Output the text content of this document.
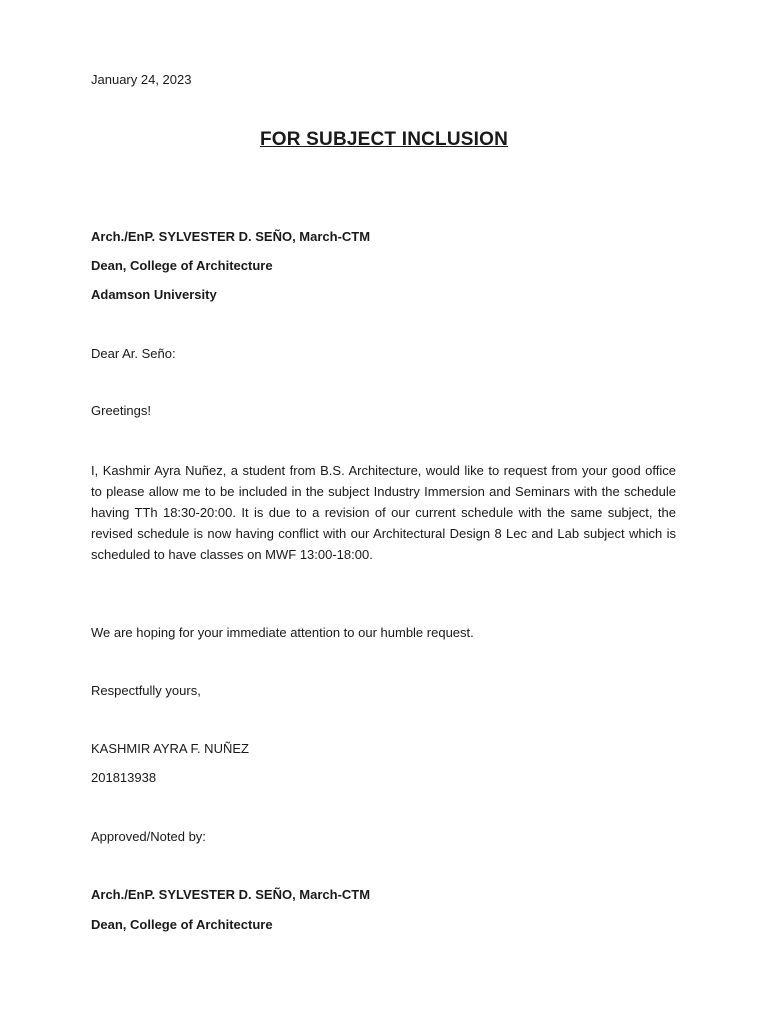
January 24, 2023
FOR SUBJECT INCLUSION
Arch./EnP. SYLVESTER D. SEÑO, March-CTM
Dean, College of Architecture
Adamson University
Dear Ar. Seño:
Greetings!
I, Kashmir Ayra Nuñez, a student from B.S. Architecture, would like to request from your good office to please allow me to be included in the subject Industry Immersion and Seminars with the schedule having TTh 18:30-20:00. It is due to a revision of our current schedule with the same subject, the revised schedule is now having conflict with our Architectural Design 8 Lec and Lab subject which is scheduled to have classes on MWF 13:00-18:00.
We are hoping for your immediate attention to our humble request.
Respectfully yours,
KASHMIR AYRA F. NUÑEZ
201813938
Approved/Noted by:
Arch./EnP. SYLVESTER D. SEÑO, March-CTM
Dean, College of Architecture
